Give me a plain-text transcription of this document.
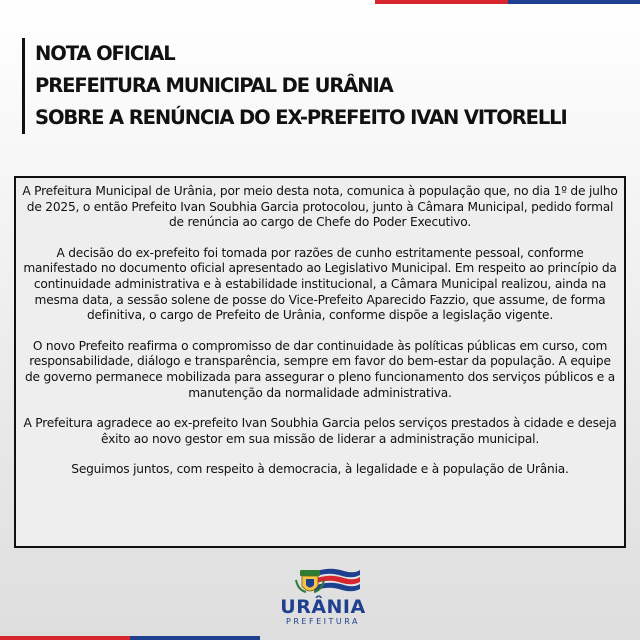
NOTA OFICIAL
PREFEITURA MUNICIPAL DE URÂNIA
SOBRE A RENÚNCIA DO EX-PREFEITO IVAN VITORELLI

A Prefeitura Municipal de Urânia, por meio desta nota, comunica à população que, no dia 1º de julho de 2025, o então Prefeito Ivan Soubhia Garcia protocolou, junto à Câmara Municipal, pedido formal de renúncia ao cargo de Chefe do Poder Executivo.

A decisão do ex-prefeito foi tomada por razões de cunho estritamente pessoal, conforme manifestado no documento oficial apresentado ao Legislativo Municipal. Em respeito ao princípio da continuidade administrativa e à estabilidade institucional, a Câmara Municipal realizou, ainda na mesma data, a sessão solene de posse do Vice-Prefeito Aparecido Fazzio, que assume, de forma definitiva, o cargo de Prefeito de Urânia, conforme dispõe a legislação vigente.

O novo Prefeito reafirma o compromisso de dar continuidade às políticas públicas em curso, com responsabilidade, diálogo e transparência, sempre em favor do bem-estar da população. A equipe de governo permanece mobilizada para assegurar o pleno funcionamento dos serviços públicos e a manutenção da normalidade administrativa.

A Prefeitura agradece ao ex-prefeito Ivan Soubhia Garcia pelos serviços prestados à cidade e deseja êxito ao novo gestor em sua missão de liderar a administração municipal.

Seguimos juntos, com respeito à democracia, à legalidade e à população de Urânia.

URÂNIA
PREFEITURA
